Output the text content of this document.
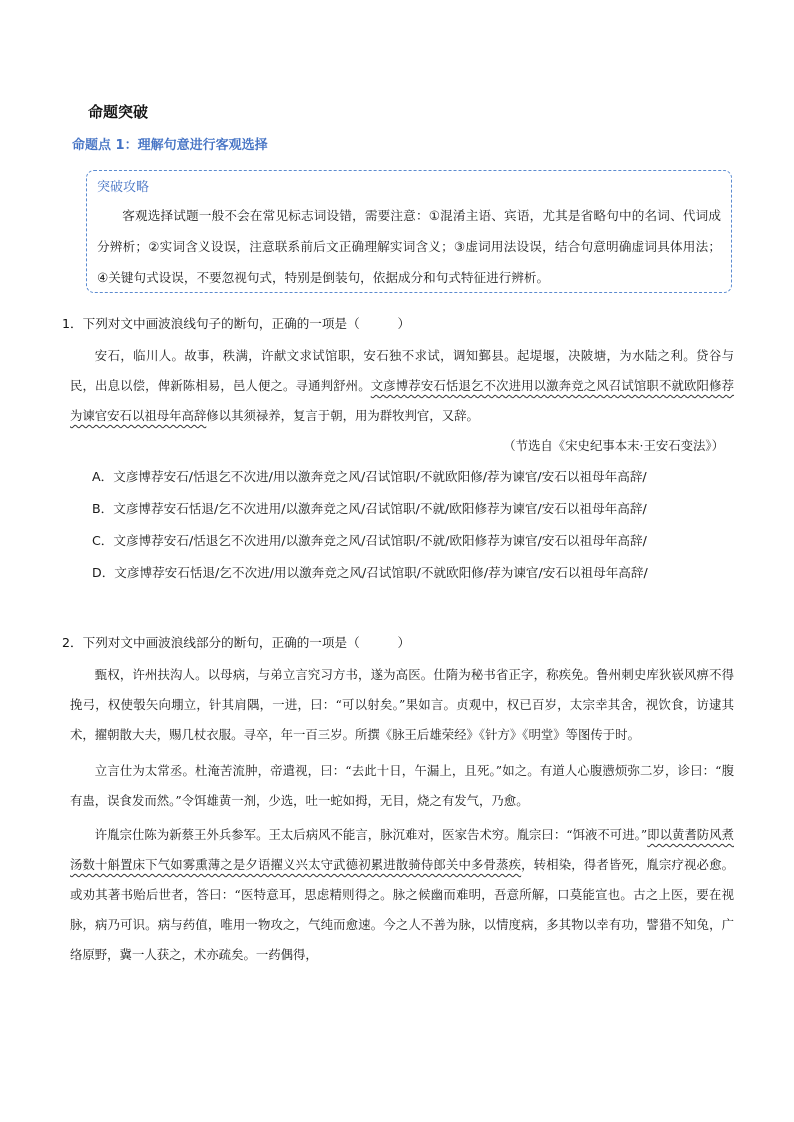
命题突破
命题点 1：理解句意进行客观选择
突破攻略
客观选择试题一般不会在常见标志词设错，需要注意：①混淆主语、宾语，尤其是省略句中的名词、代词成分辨析；②实词含义设误，注意联系前后文正确理解实词含义；③虚词用法设误，结合句意明确虚词具体用法；④关键句式设误，不要忽视句式，特别是倒装句，依据成分和句式特征进行辨析。
1．下列对文中画波浪线句子的断句，正确的一项是（　　　）

安石，临川人。故事，秩满，许献文求试馆职，安石独不求试，调知鄞县。起堤堰，决陂塘，为水陆之利。贷谷与民，出息以偿，俾新陈相易，邑人便之。寻通判舒州。文彦博荐安石恬退乞不次进用以激奔竞之风召试馆职不就欧阳修荐为谏官安石以祖母年高辞修以其须禄养，复言于朝，用为群牧判官，又辞。

（节选自《宋史纪事本末·王安石变法》）
A．文彦博荐安石/恬退乞不次进/用以激奔竞之风/召试馆职/不就欧阳修/荐为谏官/安石以祖母年高辞/
B．文彦博荐安石恬退/乞不次进用/以激奔竞之风/召试馆职/不就/欧阳修荐为谏官/安石以祖母年高辞/
C．文彦博荐安石/恬退乞不次进用/以激奔竞之风/召试馆职/不就/欧阳修荐为谏官/安石以祖母年高辞/
D．文彦博荐安石恬退/乞不次进/用以激奔竞之风/召试馆职/不就欧阳修/荐为谏官/安石以祖母年高辞/
2．下列对文中画波浪线部分的断句，正确的一项是（　　　）

甄权，许州扶沟人。以母病，与弟立言究习方书，遂为高医。仕隋为秘书省正字，称疾免。鲁州刺史库狄嵚风痹不得挽弓，权使彀矢向堋立，针其肩隅，一进，曰：“可以射矣。”果如言。贞观中，权已百岁，太宗幸其舍，视饮食，访逮其术，擢朝散大夫，赐几杖衣服。寻卒，年一百三岁。所撰《脉王后雄荣经》《针方》《明堂》等图传于时。

立言仕为太常丞。杜淹苦流肿，帝遣视，曰：“去此十日，午漏上，且死。”如之。有道人心腹懑烦弥二岁，诊曰：“腹有蛊，误食发而然。”令饵雄黄一剂，少选，吐一蛇如拇，无目，烧之有发气，乃愈。

许胤宗仕陈为新蔡王外兵参军。王太后病风不能言，脉沉难对，医家告术穷。胤宗曰：“饵液不可进。”即以黄耆防风煮汤数十斛置床下气如雾熏薄之是夕语擢义兴太守武德初累进散骑侍郎关中多骨蒸疾，转相染，得者皆死，胤宗疗视必愈。或劝其著书贻后世者，答曰：“医特意耳，思虑精则得之。脉之候幽而难明，吾意所解，口莫能宣也。古之上医，要在视脉，病乃可识。病与药值，唯用一物攻之，气纯而愈速。今之人不善为脉，以情度病，多其物以幸有功，譬猎不知兔，广络原野，冀一人获之，术亦疏矣。一药偶得，
